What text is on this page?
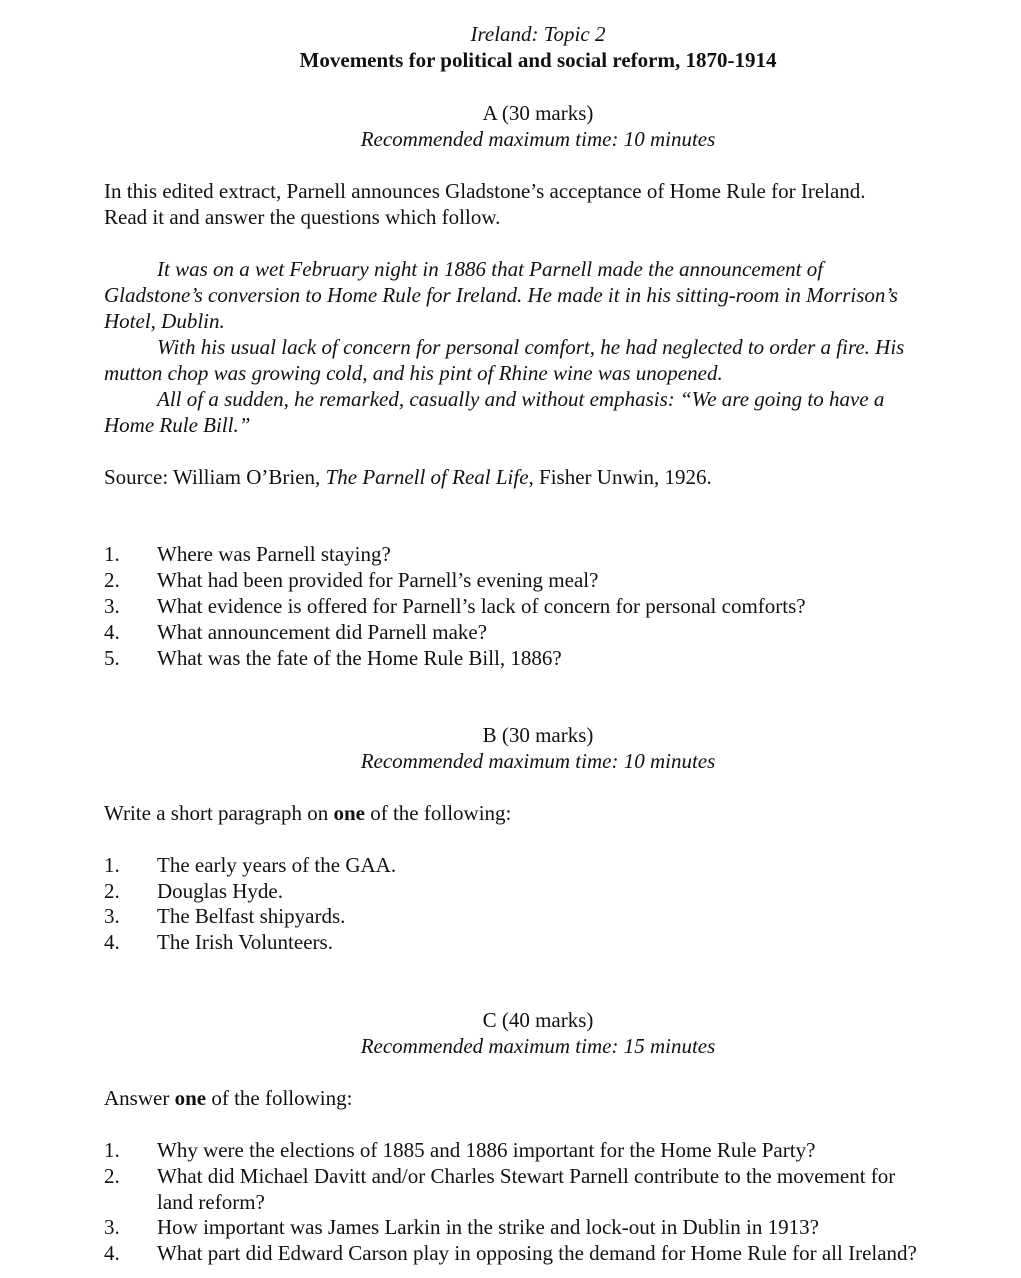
Ireland: Topic 2
Movements for political and social reform, 1870-1914
A (30 marks)
Recommended maximum time: 10 minutes
In this edited extract, Parnell announces Gladstone’s acceptance of Home Rule for Ireland.
Read it and answer the questions which follow.
It was on a wet February night in 1886 that Parnell made the announcement of
Gladstone’s conversion to Home Rule for Ireland. He made it in his sitting-room in Morrison’s
Hotel, Dublin.
With his usual lack of concern for personal comfort, he had neglected to order a fire. His
mutton chop was growing cold, and his pint of Rhine wine was unopened.
All of a sudden, he remarked, casually and without emphasis: “We are going to have a
Home Rule Bill.”
Source: William O’Brien, The Parnell of Real Life, Fisher Unwin, 1926.
1. Where was Parnell staying?
2. What had been provided for Parnell’s evening meal?
3. What evidence is offered for Parnell’s lack of concern for personal comforts?
4. What announcement did Parnell make?
5. What was the fate of the Home Rule Bill, 1886?
B (30 marks)
Recommended maximum time: 10 minutes
Write a short paragraph on one of the following:
1. The early years of the GAA.
2. Douglas Hyde.
3. The Belfast shipyards.
4. The Irish Volunteers.
C (40 marks)
Recommended maximum time: 15 minutes
Answer one of the following:
1. Why were the elections of 1885 and 1886 important for the Home Rule Party?
2. What did Michael Davitt and/or Charles Stewart Parnell contribute to the movement for
land reform?
3. How important was James Larkin in the strike and lock-out in Dublin in 1913?
4. What part did Edward Carson play in opposing the demand for Home Rule for all Ireland?
